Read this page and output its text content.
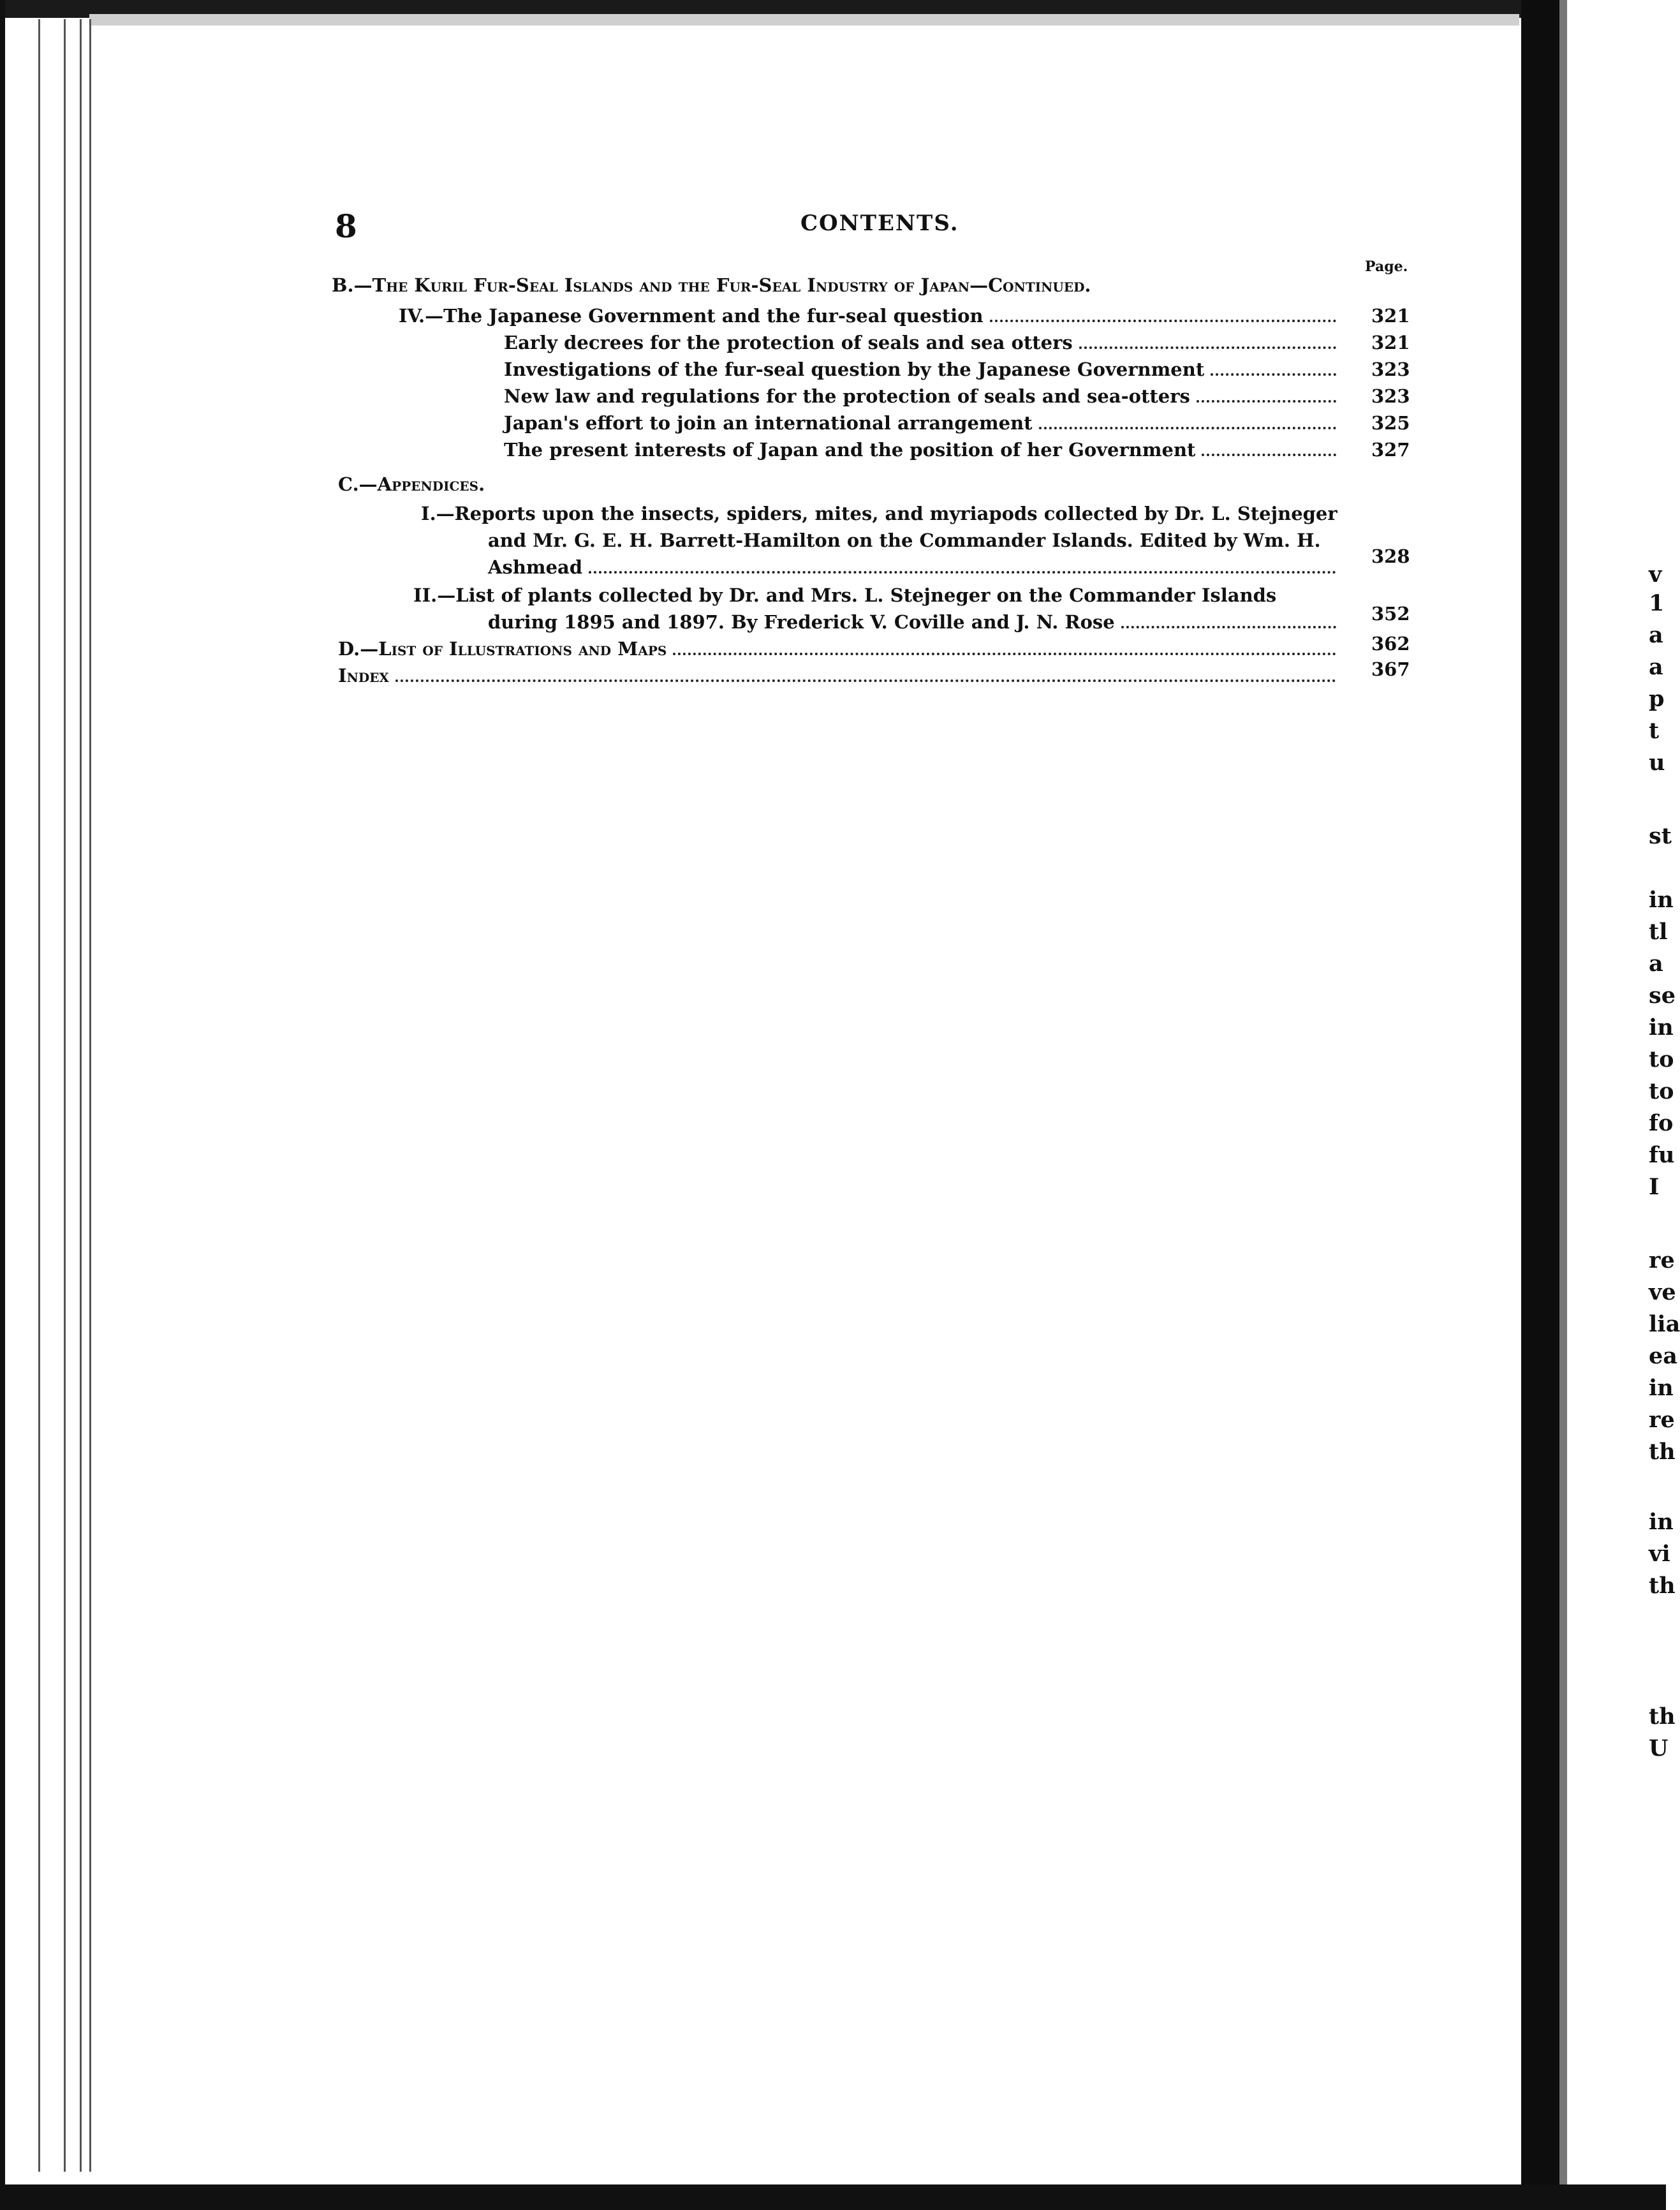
8	CONTENTS.
Page.
B.—The Kuril Fur-Seal Islands and the Fur-Seal Industry of Japan—Continued.
IV.—The Japanese Government and the fur-seal question	321
Early decrees for the protection of seals and sea otters	321
Investigations of the fur-seal question by the Japanese Government	323
New law and regulations for the protection of seals and sea-otters	323
Japan's effort to join an international arrangement	325
The present interests of Japan and the position of her Government	327
C.—Appendices.
I.—Reports upon the insects, spiders, mites, and myriapods collected by Dr. L. Stejneger
and Mr. G. E. H. Barrett-Hamilton on the Commander Islands. Edited by Wm. H.
Ashmead	328
II.—List of plants collected by Dr. and Mrs. L. Stejneger on the Commander Islands
during 1895 and 1897. By Frederick V. Coville and J. N. Rose	352
D.—List of Illustrations and Maps	362
Index	367
v
1
a
a
p
t
u
st
in
tl
a
se
in
to
to
fo
fu
I
re
ve
lia
ea
in
re
th
in
vi
th
th
U
